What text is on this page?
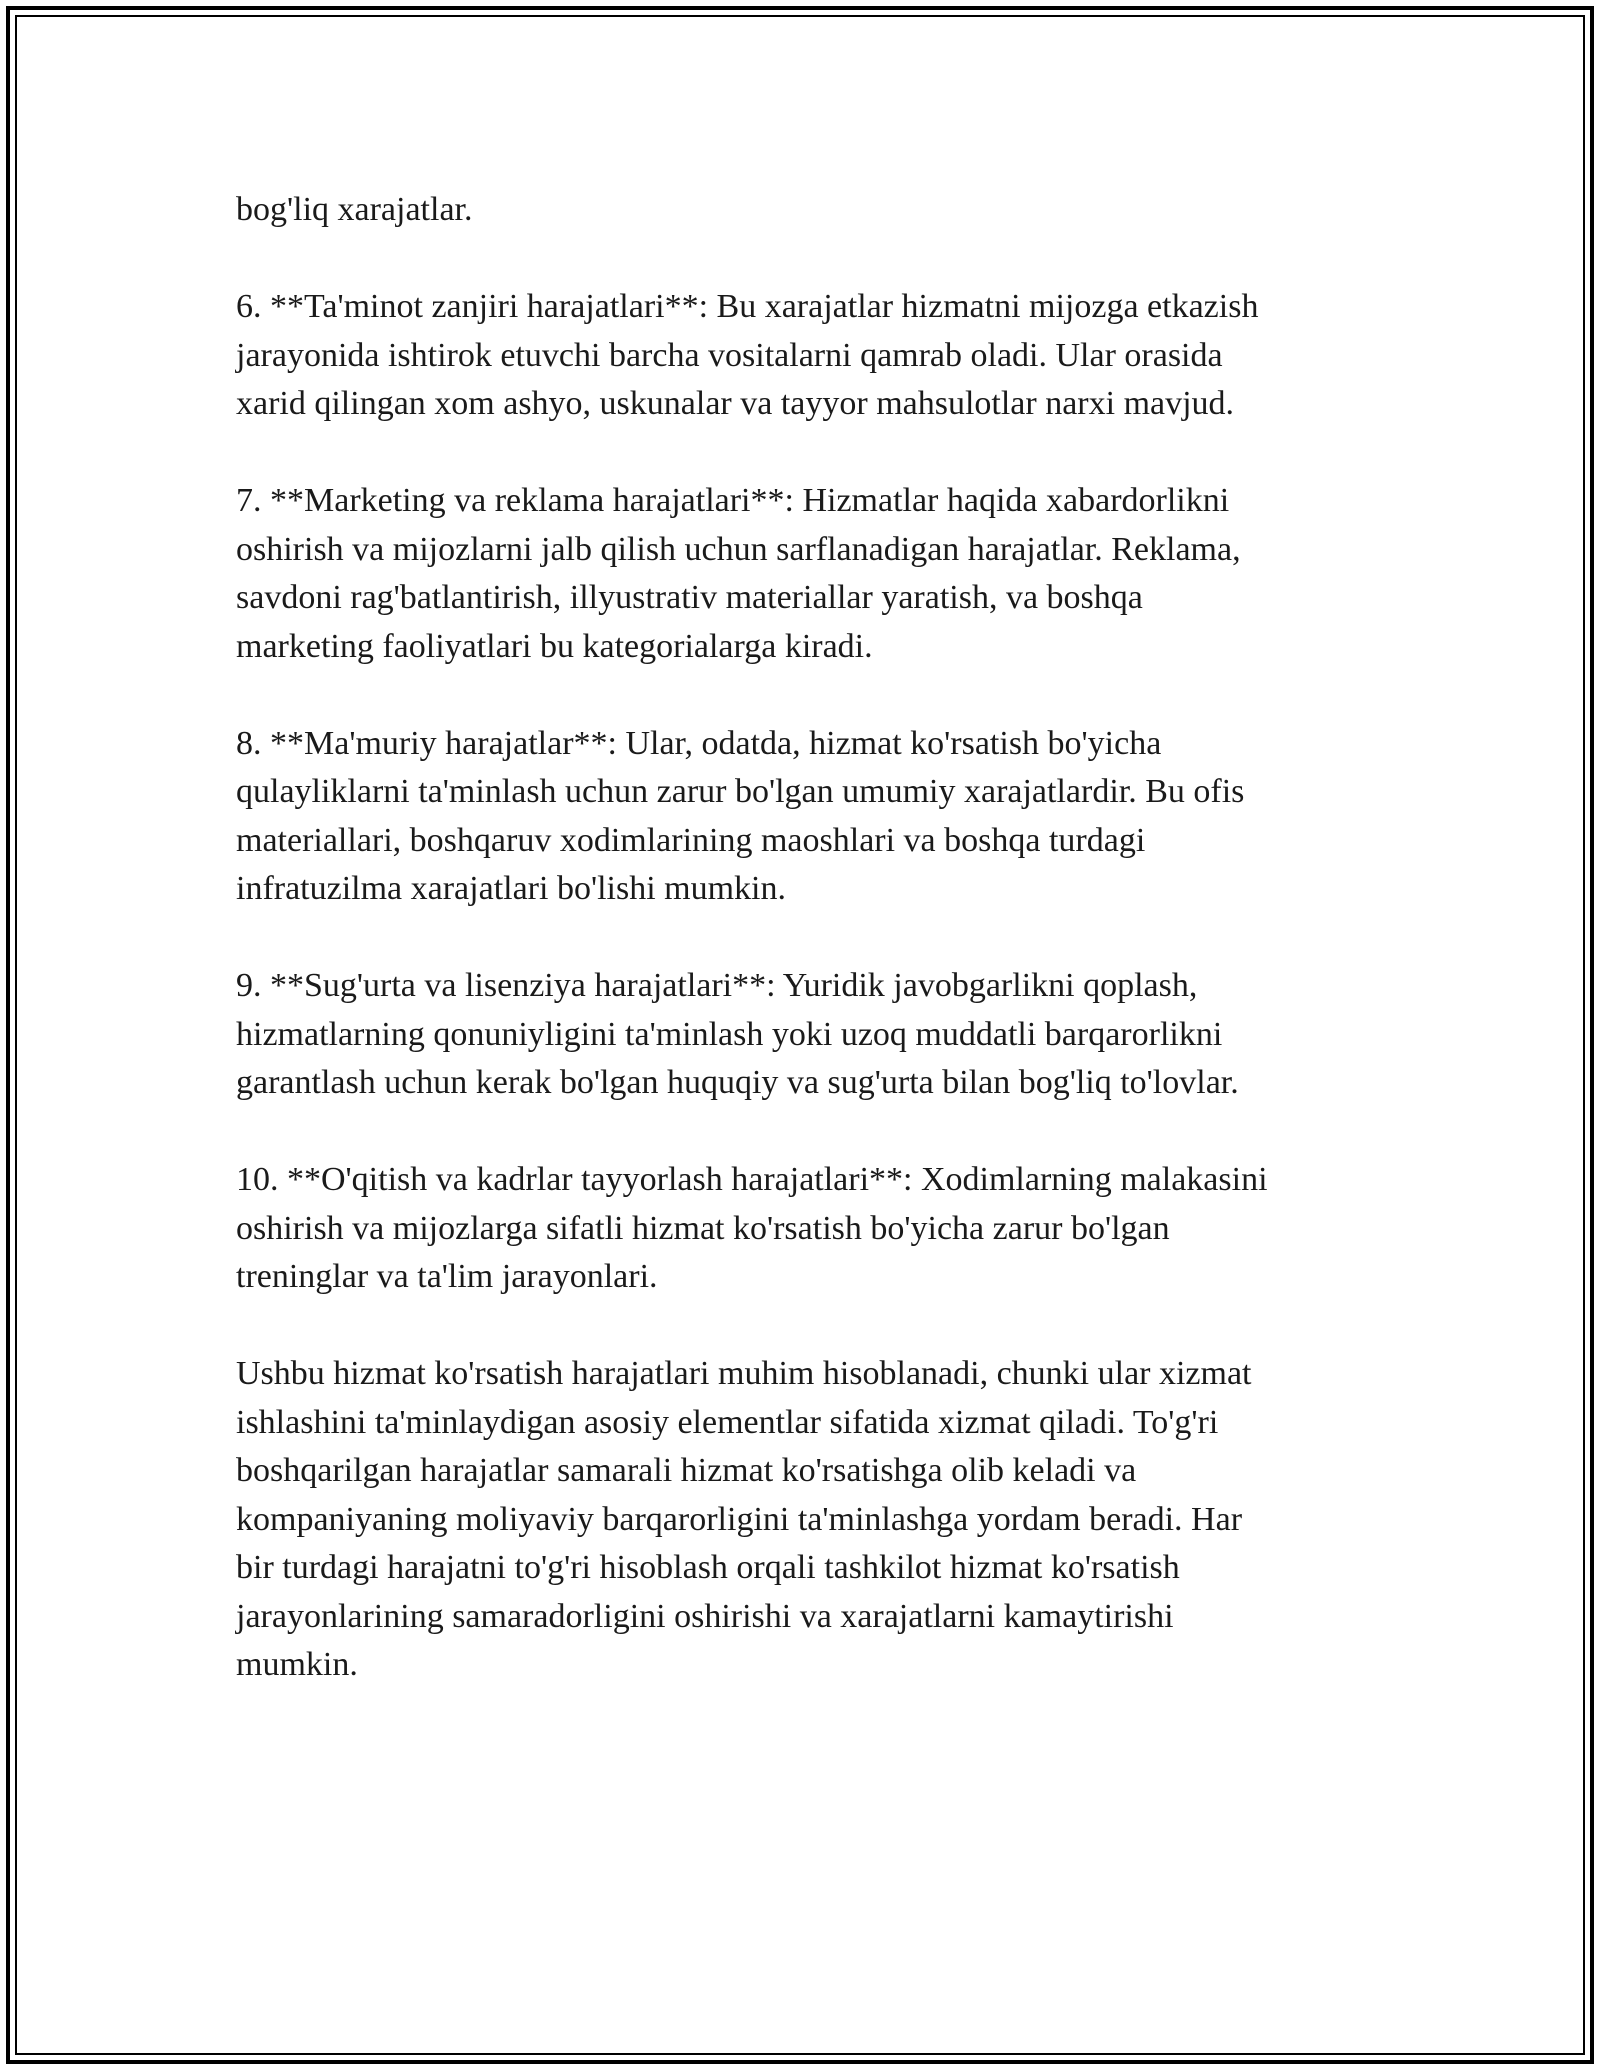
bog'liq xarajatlar.

6. **Ta'minot zanjiri harajatlari**: Bu xarajatlar hizmatni mijozga etkazish
jarayonida ishtirok etuvchi barcha vositalarni qamrab oladi. Ular orasida
xarid qilingan xom ashyo, uskunalar va tayyor mahsulotlar narxi mavjud.

7. **Marketing va reklama harajatlari**: Hizmatlar haqida xabardorlikni
oshirish va mijozlarni jalb qilish uchun sarflanadigan harajatlar. Reklama,
savdoni rag'batlantirish, illyustrativ materiallar yaratish, va boshqa
marketing faoliyatlari bu kategorialarga kiradi.

8. **Ma'muriy harajatlar**: Ular, odatda, hizmat ko'rsatish bo'yicha
qulayliklarni ta'minlash uchun zarur bo'lgan umumiy xarajatlardir. Bu ofis
materiallari, boshqaruv xodimlarining maoshlari va boshqa turdagi
infratuzilma xarajatlari bo'lishi mumkin.

9. **Sug'urta va lisenziya harajatlari**: Yuridik javobgarlikni qoplash,
hizmatlarning qonuniyligini ta'minlash yoki uzoq muddatli barqarorlikni
garantlash uchun kerak bo'lgan huquqiy va sug'urta bilan bog'liq to'lovlar.

10. **O'qitish va kadrlar tayyorlash harajatlari**: Xodimlarning malakasini
oshirish va mijozlarga sifatli hizmat ko'rsatish bo'yicha zarur bo'lgan
treninglar va ta'lim jarayonlari.

Ushbu hizmat ko'rsatish harajatlari muhim hisoblanadi, chunki ular xizmat
ishlashini ta'minlaydigan asosiy elementlar sifatida xizmat qiladi. To'g'ri
boshqarilgan harajatlar samarali hizmat ko'rsatishga olib keladi va
kompaniyaning moliyaviy barqarorligini ta'minlashga yordam beradi. Har
bir turdagi harajatni to'g'ri hisoblash orqali tashkilot hizmat ko'rsatish
jarayonlarining samaradorligini oshirishi va xarajatlarni kamaytirishi
mumkin.
